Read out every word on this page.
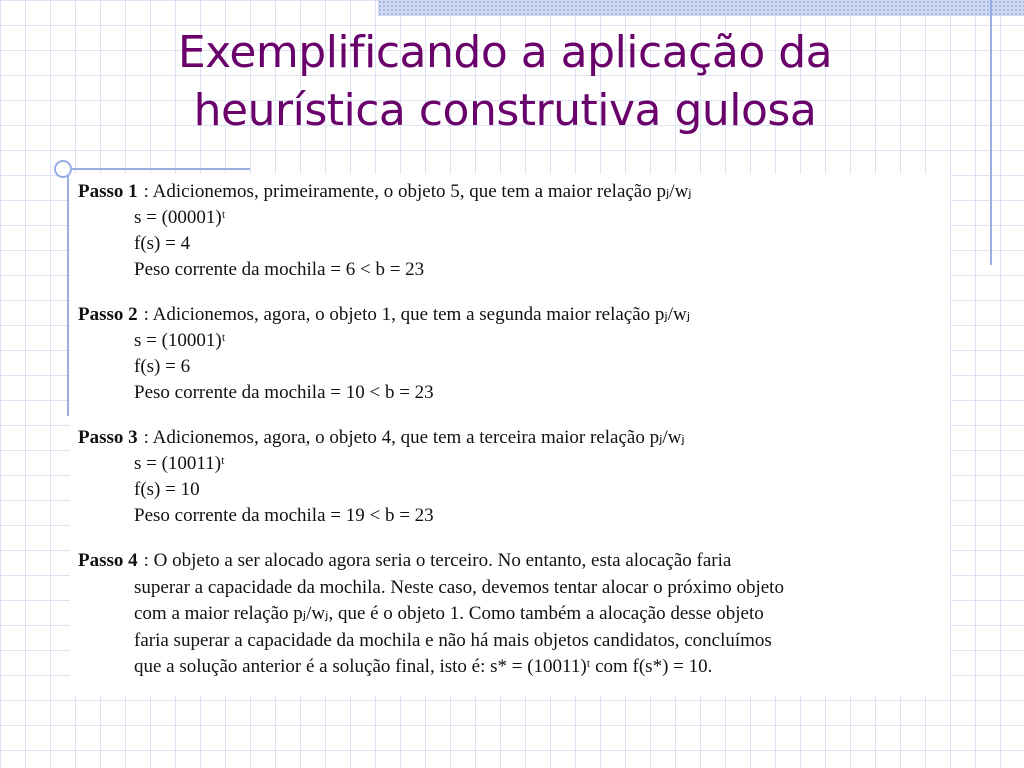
Exemplificando a aplicação da
heurística construtiva gulosa
Passo 1 : Adicionemos, primeiramente, o objeto 5, que tem a maior relação pⱼ/wⱼ
s = (00001)ᵗ
f(s) = 4
Peso corrente da mochila = 6 < b = 23
Passo 2 : Adicionemos, agora, o objeto 1, que tem a segunda maior relação pⱼ/wⱼ
s = (10001)ᵗ
f(s) = 6
Peso corrente da mochila = 10 < b = 23
Passo 3 : Adicionemos, agora, o objeto 4, que tem a terceira maior relação pⱼ/wⱼ
s = (10011)ᵗ
f(s) = 10
Peso corrente da mochila = 19 < b = 23
Passo 4 : O objeto a ser alocado agora seria o terceiro. No entanto, esta alocação faria
superar a capacidade da mochila. Neste caso, devemos tentar alocar o próximo objeto
com a maior relação pⱼ/wⱼ, que é o objeto 1. Como também a alocação desse objeto
faria superar a capacidade da mochila e não há mais objetos candidatos, concluímos
que a solução anterior é a solução final, isto é: s* = (10011)ᵗ com f(s*) = 10.
